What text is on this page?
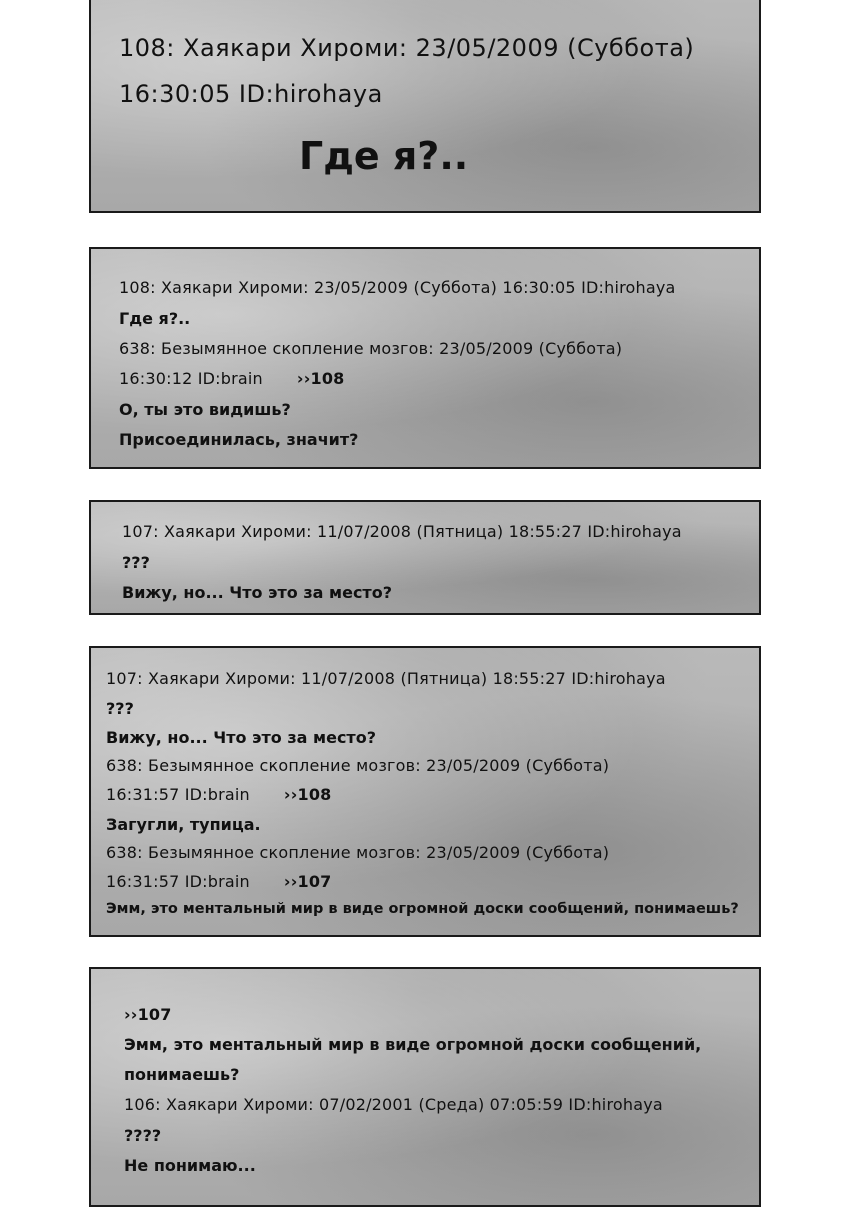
108: Хаякари Хироми: 23/05/2009 (Суббота)
16:30:05 ID:hirohaya
Где я?..
108: Хаякари Хироми: 23/05/2009 (Суббота) 16:30:05 ID:hirohaya
Где я?..
638: Безымянное скопление мозгов: 23/05/2009 (Суббота)
16:30:12 ID:brain ››108
О, ты это видишь?
Присоединилась, значит?
107: Хаякари Хироми: 11/07/2008 (Пятница) 18:55:27 ID:hirohaya
???
Вижу, но... Что это за место?
107: Хаякари Хироми: 11/07/2008 (Пятница) 18:55:27 ID:hirohaya
???
Вижу, но... Что это за место?
638: Безымянное скопление мозгов: 23/05/2009 (Суббота)
16:31:57 ID:brain ››108
Загугли, тупица.
638: Безымянное скопление мозгов: 23/05/2009 (Суббота)
16:31:57 ID:brain ››107
Эмм, это ментальный мир в виде огромной доски сообщений, понимаешь?
››107
Эмм, это ментальный мир в виде огромной доски сообщений,
понимаешь?
106: Хаякари Хироми: 07/02/2001 (Среда) 07:05:59 ID:hirohaya
????
Не понимаю...
